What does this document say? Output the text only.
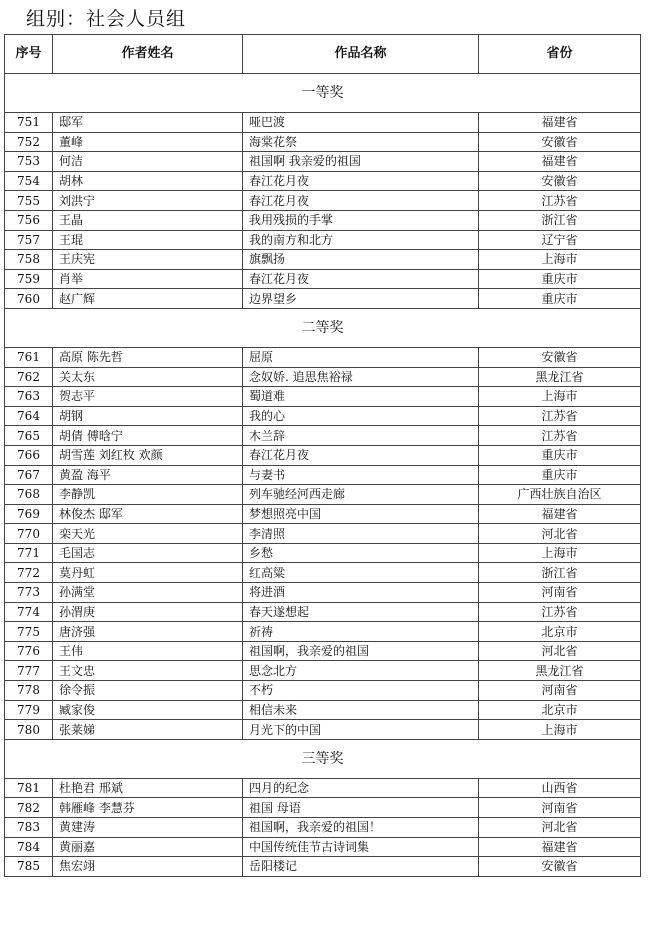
组别：社会人员组
序号	作者姓名	作品名称	省份
一等奖			
751	邸军	哑巴渡	福建省
752	董峰	海棠花祭	安徽省
753	何洁	祖国啊 我亲爱的祖国	福建省
754	胡林	春江花月夜	安徽省
755	刘洪宁	春江花月夜	江苏省
756	王晶	我用残损的手掌	浙江省
757	王琨	我的南方和北方	辽宁省
758	王庆宪	旗飘扬	上海市
759	肖举	春江花月夜	重庆市
760	赵广辉	边界望乡	重庆市
二等奖			
761	高原 陈先哲	屈原	安徽省
762	关太东	念奴娇. 追思焦裕禄	黑龙江省
763	贺志平	蜀道难	上海市
764	胡钢	我的心	江苏省
765	胡倩 傅晗宁	木兰辞	江苏省
766	胡雪莲 刘红枚 欢颜	春江花月夜	重庆市
767	黄盈 海平	与妻书	重庆市
768	李静凯	列车驰经河西走廊	广西壮族自治区
769	林俊杰 邸军	梦想照亮中国	福建省
770	栾天光	李清照	河北省
771	毛国志	乡愁	上海市
772	莫丹虹	红高粱	浙江省
773	孙满堂	将进酒	河南省
774	孙渭庚	春天遂想起	江苏省
775	唐济强	祈祷	北京市
776	王伟	祖国啊，我亲爱的祖国	河北省
777	王文忠	思念北方	黑龙江省
778	徐令振	不朽	河南省
779	臧家俊	相信未来	北京市
780	张莱娣	月光下的中国	上海市
三等奖			
781	杜艳君 邢斌	四月的纪念	山西省
782	韩雁峰 李慧芬	祖国 母语	河南省
783	黄建涛	祖国啊，我亲爱的祖国！	河北省
784	黄丽嘉	中国传统佳节古诗词集	福建省
785	焦宏翊	岳阳楼记	安徽省
